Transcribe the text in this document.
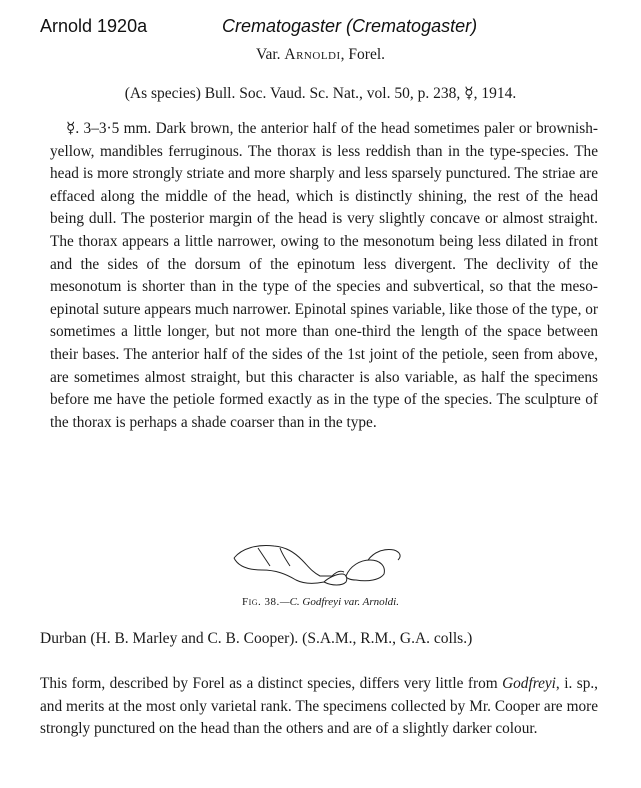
Arnold 1920a	Crematogaster (Crematogaster)
Var. Arnoldi, Forel.
(As species) Bull. Soc. Vaud. Sc. Nat., vol. 50, p. 238, ☿, 1914.

☿. 3–3·5 mm. Dark brown, the anterior half of the head sometimes paler or brownish-yellow, mandibles ferruginous. The thorax is less reddish than in the type-species. The head is more strongly striate and more sharply and less sparsely punctured. The striae are effaced along the middle of the head, which is distinctly shining, the rest of the head being dull. The posterior margin of the head is very slightly concave or almost straight. The thorax appears a little narrower, owing to the mesonotum being less dilated in front and the sides of the dorsum of the epinotum less divergent. The declivity of the mesonotum is shorter than in the type of the species and subvertical, so that the meso-epinotal suture appears much narrower. Epinotal spines variable, like those of the type, or sometimes a little longer, but not more than one-third the length of the space between their bases. The anterior half of the sides of the 1st joint of the petiole, seen from above, are sometimes almost straight, but this character is also variable, as half the specimens before me have the petiole formed exactly as in the type of the species. The sculpture of the thorax is perhaps a shade coarser than in the type.

Fig. 38.—C. Godfreyi var. Arnoldi.
Durban (H. B. Marley and C. B. Cooper). (S.A.M., R.M., G.A. colls.)

This form, described by Forel as a distinct species, differs very little from Godfreyi, i. sp., and merits at the most only varietal rank. The specimens collected by Mr. Cooper are more strongly punctured on the head than the others and are of a slightly darker colour.
